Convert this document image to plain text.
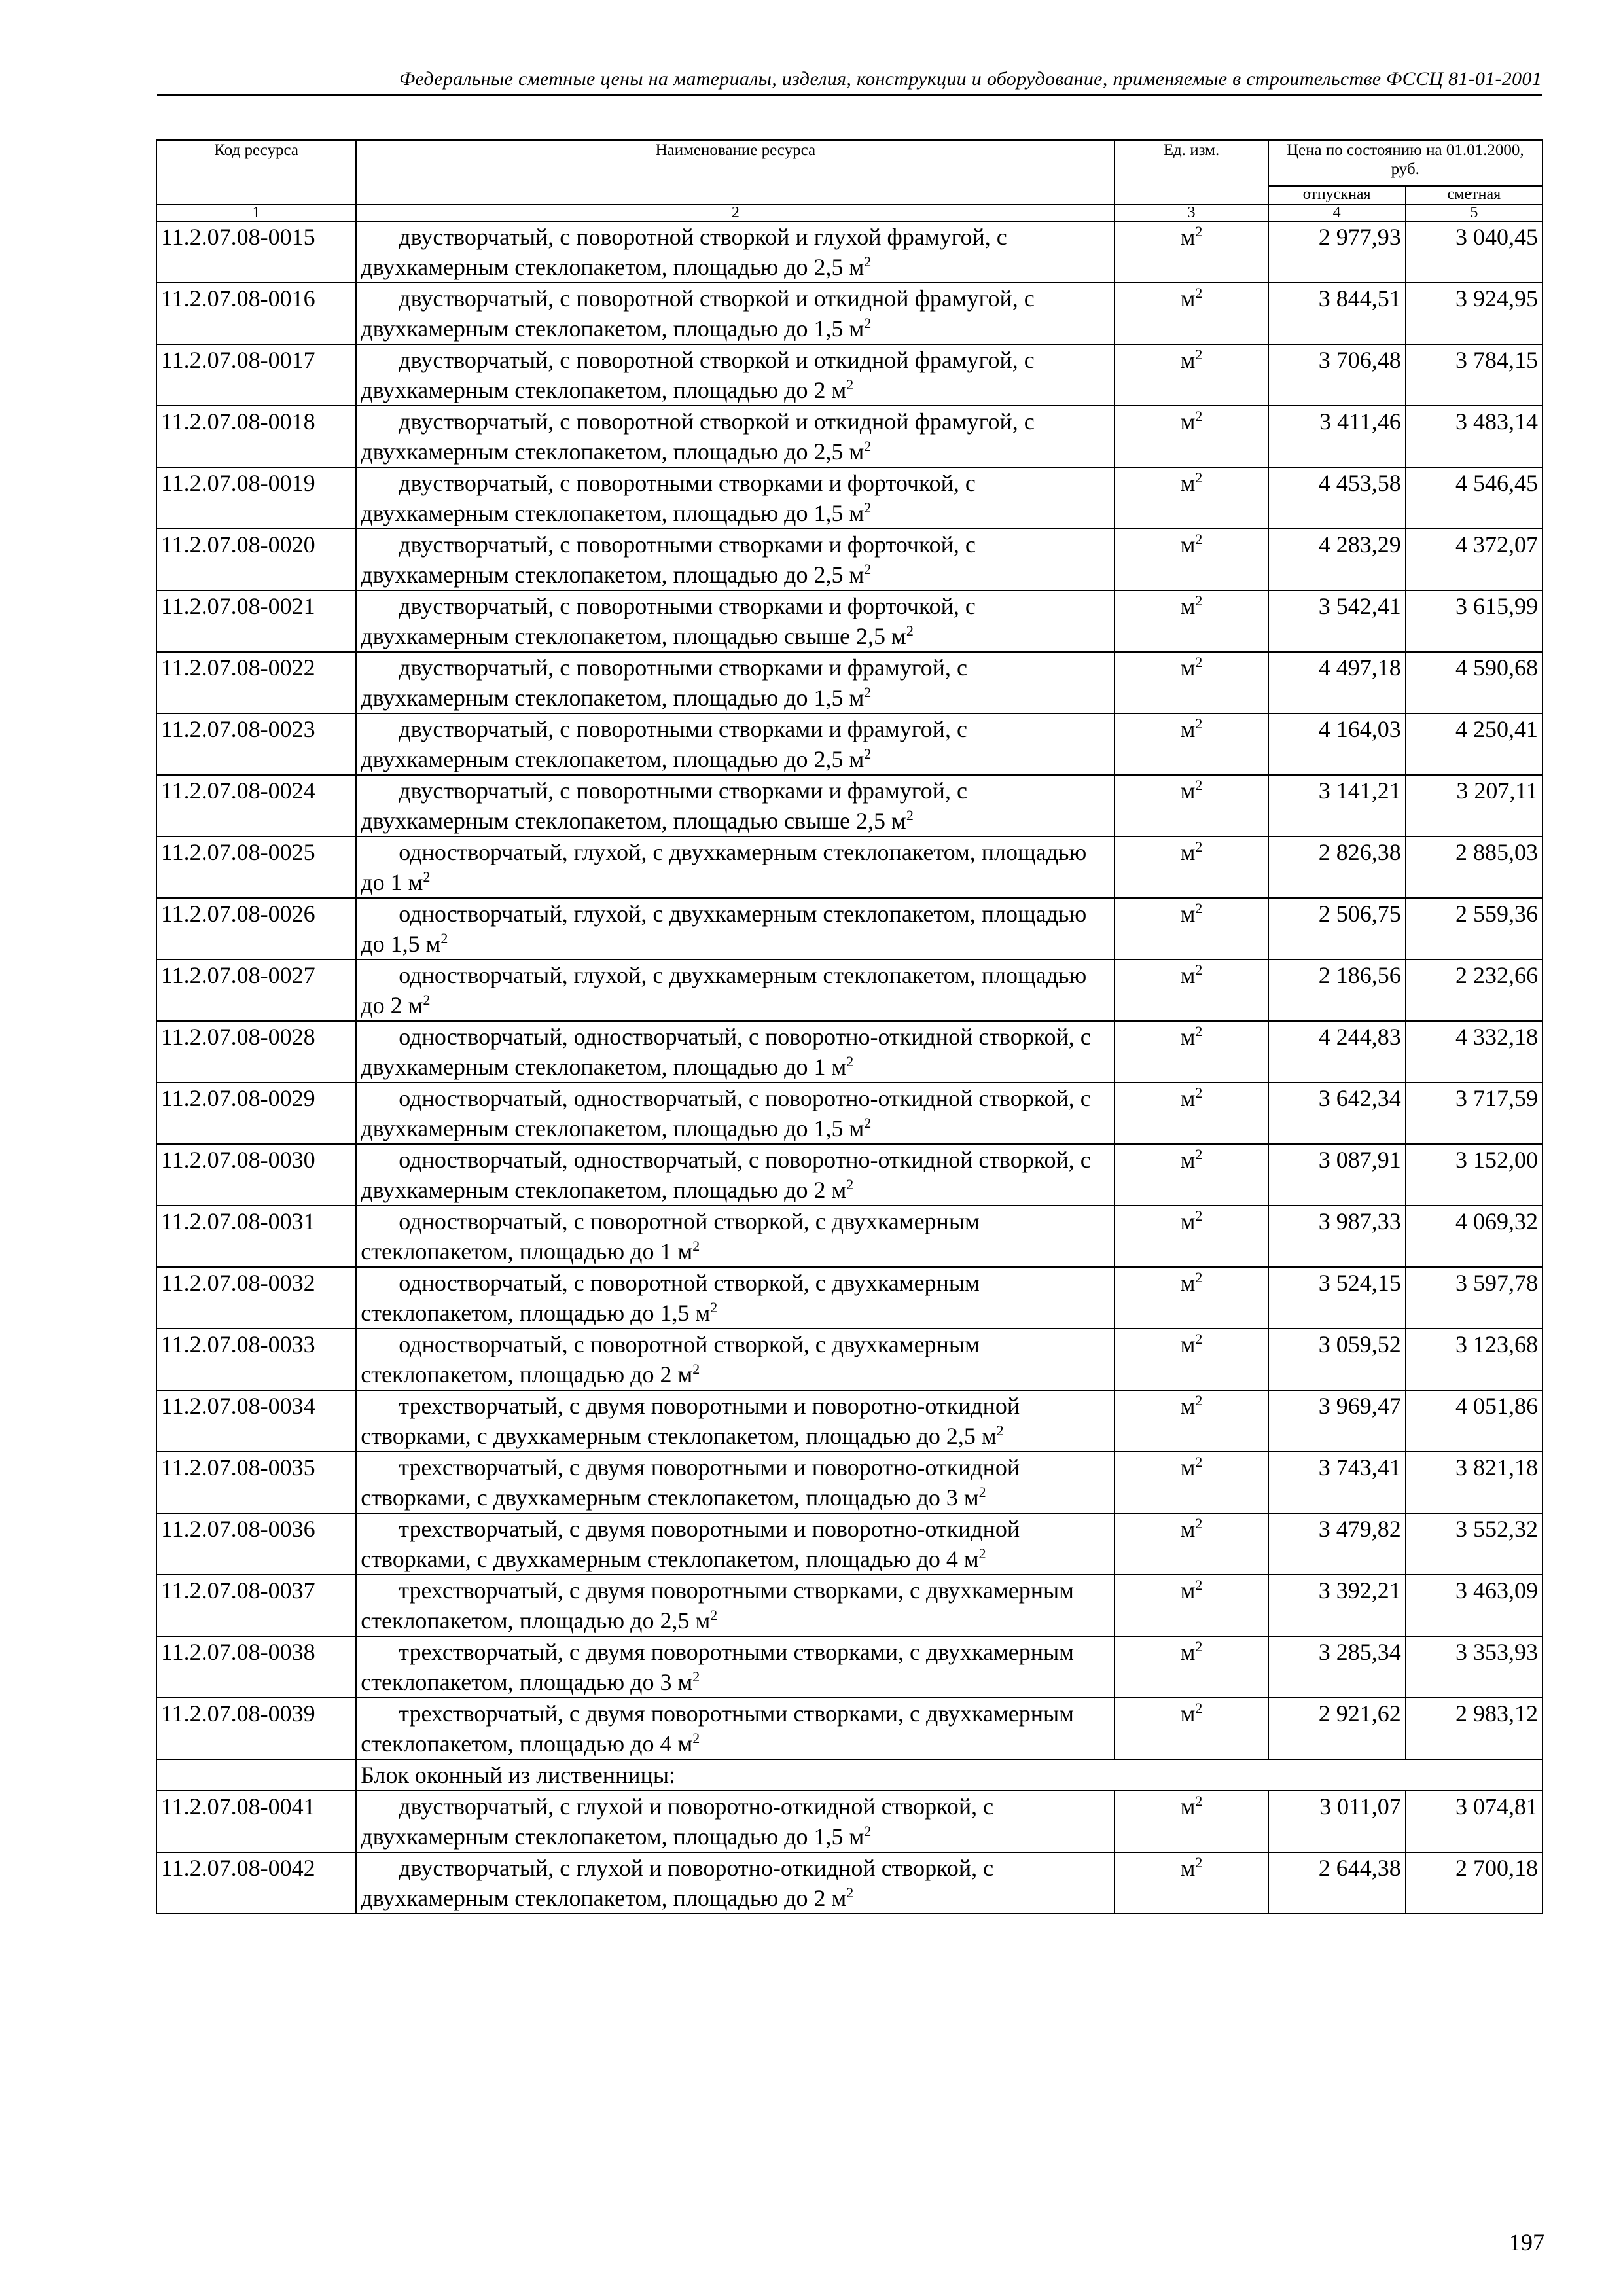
Федеральные сметные цены на материалы, изделия, конструкции и оборудование, применяемые в строительстве ФССЦ 81-01-2001
Код ресурса	Наименование ресурса	Ед. изм.	Цена по состоянию на 01.01.2000, руб.	
			отпускная	сметная
1	2	3	4	5
11.2.07.08-0015	двустворчатый, с поворотной створкой и глухой фрамугой, с двухкамерным стеклопакетом, площадью до 2,5 $м^2$	$м^2$	2 977,93	3 040,45
11.2.07.08-0016	двустворчатый, с поворотной створкой и откидной фрамугой, с двухкамерным стеклопакетом, площадью до 1,5 $м^2$	$м^2$	3 844,51	3 924,95
11.2.07.08-0017	двустворчатый, с поворотной створкой и откидной фрамугой, с двухкамерным стеклопакетом, площадью до 2 $м^2$	$м^2$	3 706,48	3 784,15
11.2.07.08-0018	двустворчатый, с поворотной створкой и откидной фрамугой, с двухкамерным стеклопакетом, площадью до 2,5 $м^2$	$м^2$	3 411,46	3 483,14
11.2.07.08-0019	двустворчатый, с поворотными створками и форточкой, с двухкамерным стеклопакетом, площадью до 1,5 $м^2$	$м^2$	4 453,58	4 546,45
11.2.07.08-0020	двустворчатый, с поворотными створками и форточкой, с двухкамерным стеклопакетом, площадью до 2,5 $м^2$	$м^2$	4 283,29	4 372,07
11.2.07.08-0021	двустворчатый, с поворотными створками и форточкой, с двухкамерным стеклопакетом, площадью свыше 2,5 $м^2$	$м^2$	3 542,41	3 615,99
11.2.07.08-0022	двустворчатый, с поворотными створками и фрамугой, с двухкамерным стеклопакетом, площадью до 1,5 $м^2$	$м^2$	4 497,18	4 590,68
11.2.07.08-0023	двустворчатый, с поворотными створками и фрамугой, с двухкамерным стеклопакетом, площадью до 2,5 $м^2$	$м^2$	4 164,03	4 250,41
11.2.07.08-0024	двустворчатый, с поворотными створками и фрамугой, с двухкамерным стеклопакетом, площадью свыше 2,5 $м^2$	$м^2$	3 141,21	3 207,11
11.2.07.08-0025	одностворчатый, глухой, с двухкамерным стеклопакетом, площадью до 1 $м^2$	$м^2$	2 826,38	2 885,03
11.2.07.08-0026	одностворчатый, глухой, с двухкамерным стеклопакетом, площадью до 1,5 $м^2$	$м^2$	2 506,75	2 559,36
11.2.07.08-0027	одностворчатый, глухой, с двухкамерным стеклопакетом, площадью до 2 $м^2$	$м^2$	2 186,56	2 232,66
11.2.07.08-0028	одностворчатый, одностворчатый, с поворотно-откидной створкой, с двухкамерным стеклопакетом, площадью до 1 $м^2$	$м^2$	4 244,83	4 332,18
11.2.07.08-0029	одностворчатый, одностворчатый, с поворотно-откидной створкой, с двухкамерным стеклопакетом, площадью до 1,5 $м^2$	$м^2$	3 642,34	3 717,59
11.2.07.08-0030	одностворчатый, одностворчатый, с поворотно-откидной створкой, с двухкамерным стеклопакетом, площадью до 2 $м^2$	$м^2$	3 087,91	3 152,00
11.2.07.08-0031	одностворчатый, с поворотной створкой, с двухкамерным стеклопакетом, площадью до 1 $м^2$	$м^2$	3 987,33	4 069,32
11.2.07.08-0032	одностворчатый, с поворотной створкой, с двухкамерным стеклопакетом, площадью до 1,5 $м^2$	$м^2$	3 524,15	3 597,78
11.2.07.08-0033	одностворчатый, с поворотной створкой, с двухкамерным стеклопакетом, площадью до 2 $м^2$	$м^2$	3 059,52	3 123,68
11.2.07.08-0034	трехстворчатый, с двумя поворотными и поворотно-откидной створками, с двухкамерным стеклопакетом, площадью до 2,5 $м^2$	$м^2$	3 969,47	4 051,86
11.2.07.08-0035	трехстворчатый, с двумя поворотными и поворотно-откидной створками, с двухкамерным стеклопакетом, площадью до 3 $м^2$	$м^2$	3 743,41	3 821,18
11.2.07.08-0036	трехстворчатый, с двумя поворотными и поворотно-откидной створками, с двухкамерным стеклопакетом, площадью до 4 $м^2$	$м^2$	3 479,82	3 552,32
11.2.07.08-0037	трехстворчатый, с двумя поворотными створками, с двухкамерным стеклопакетом, площадью до 2,5 $м^2$	$м^2$	3 392,21	3 463,09
11.2.07.08-0038	трехстворчатый, с двумя поворотными створками, с двухкамерным стеклопакетом, площадью до 3 $м^2$	$м^2$	3 285,34	3 353,93
11.2.07.08-0039	трехстворчатый, с двумя поворотными створками, с двухкамерным стеклопакетом, площадью до 4 $м^2$	$м^2$	2 921,62	2 983,12
	Блок оконный из лиственницы:			
11.2.07.08-0041	двустворчатый, с глухой и поворотно-откидной створкой, с двухкамерным стеклопакетом, площадью до 1,5 $м^2$	$м^2$	3 011,07	3 074,81
11.2.07.08-0042	двустворчатый, с глухой и поворотно-откидной створкой, с двухкамерным стеклопакетом, площадью до 2 $м^2$	$м^2$	2 644,38	2 700,18
197
